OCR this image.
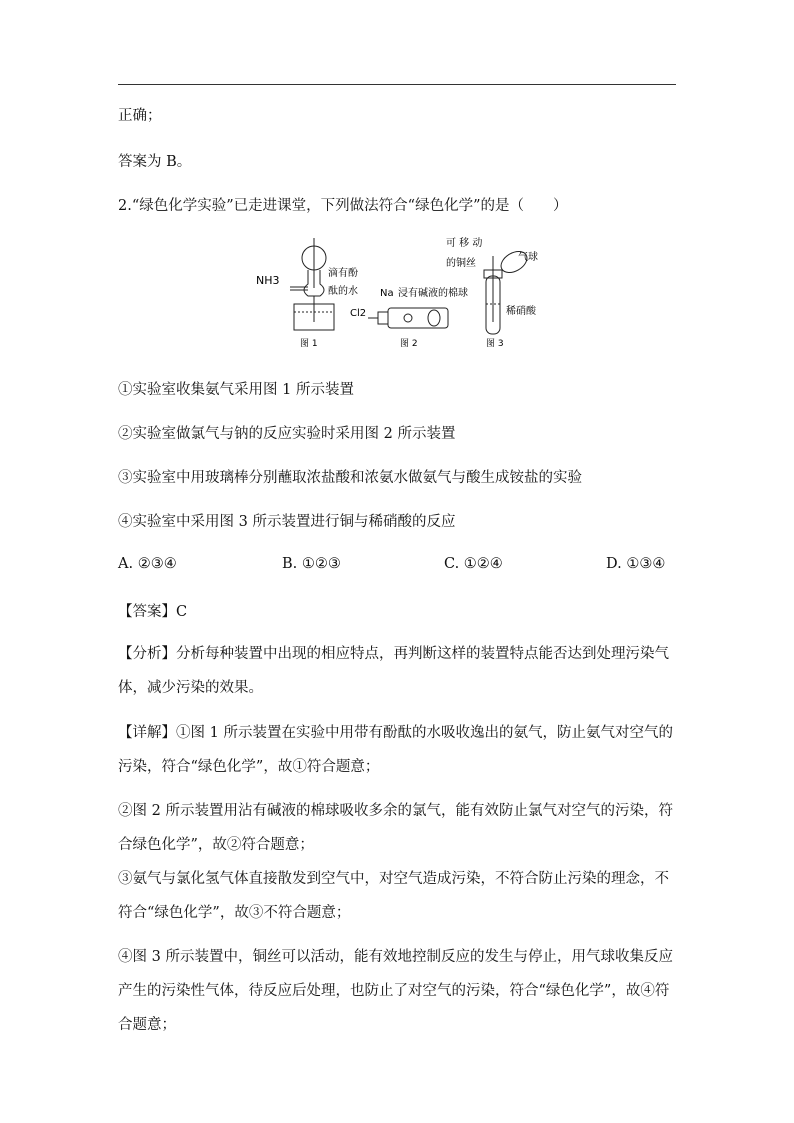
正确；
答案为 B。
2.“绿色化学实验”已走进课堂，下列做法符合“绿色化学”的是（　　）
NH3
滴有酚
酞的水
图 1
Cl2
Na 浸有碱液的棉球
图 2
可 移 动
的铜丝
气球
稀硝酸
图 3
①实验室收集氨气采用图 1 所示装置
②实验室做氯气与钠的反应实验时采用图 2 所示装置
③实验室中用玻璃棒分别蘸取浓盐酸和浓氨水做氨气与酸生成铵盐的实验
④实验室中采用图 3 所示装置进行铜与稀硝酸的反应
A. ②③④	B. ①②③	C. ①②④	D. ①③④
【答案】C
【分析】分析每种装置中出现的相应特点，再判断这样的装置特点能否达到处理污染气体，减少污染的效果。
【详解】①图 1 所示装置在实验中用带有酚酞的水吸收逸出的氨气，防止氨气对空气的污染，符合“绿色化学”，故①符合题意；
②图 2 所示装置用沾有碱液的棉球吸收多余的氯气，能有效防止氯气对空气的污染，符合绿色化学”，故②符合题意；
③氨气与氯化氢气体直接散发到空气中，对空气造成污染，不符合防止污染的理念，不符合“绿色化学”，故③不符合题意；
④图 3 所示装置中，铜丝可以活动，能有效地控制反应的发生与停止，用气球收集反应产生的污染性气体，待反应后处理，也防止了对空气的污染，符合“绿色化学”，故④符合题意；
